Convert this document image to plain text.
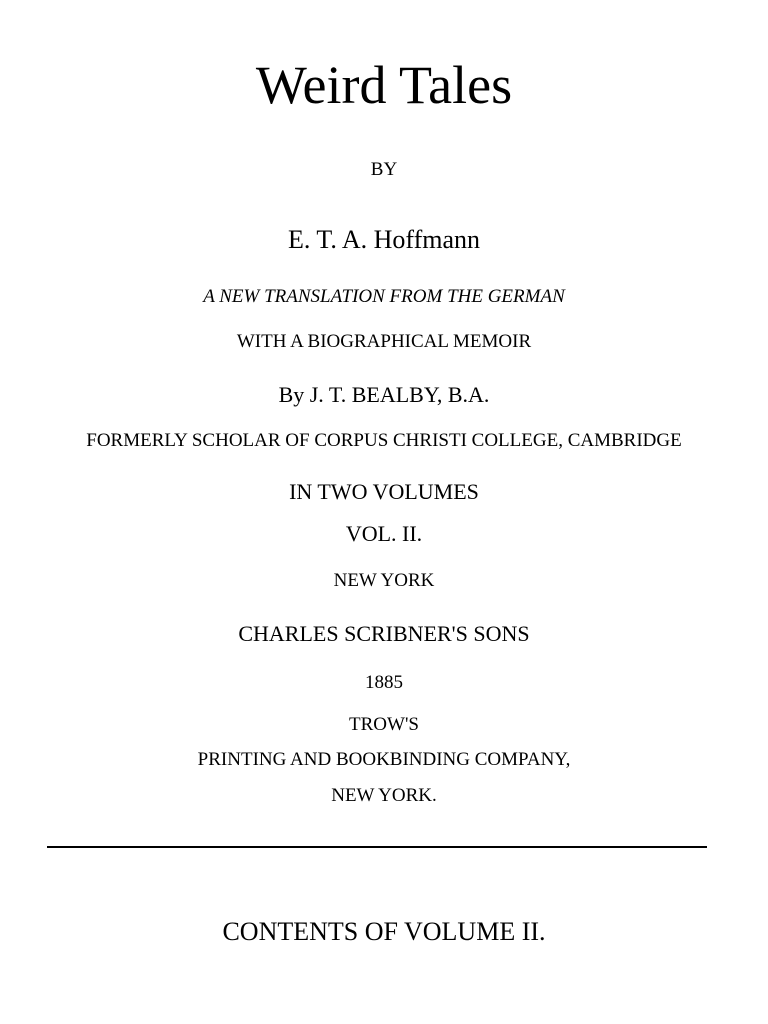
Weird Tales
BY
E. T. A. Hoffmann
A NEW TRANSLATION FROM THE GERMAN
WITH A BIOGRAPHICAL MEMOIR
By J. T. BEALBY, B.A.
FORMERLY SCHOLAR OF CORPUS CHRISTI COLLEGE, CAMBRIDGE
IN TWO VOLUMES
VOL. II.
NEW YORK
CHARLES SCRIBNER'S SONS
1885
TROW'S
PRINTING AND BOOKBINDING COMPANY,
NEW YORK.
CONTENTS OF VOLUME II.
